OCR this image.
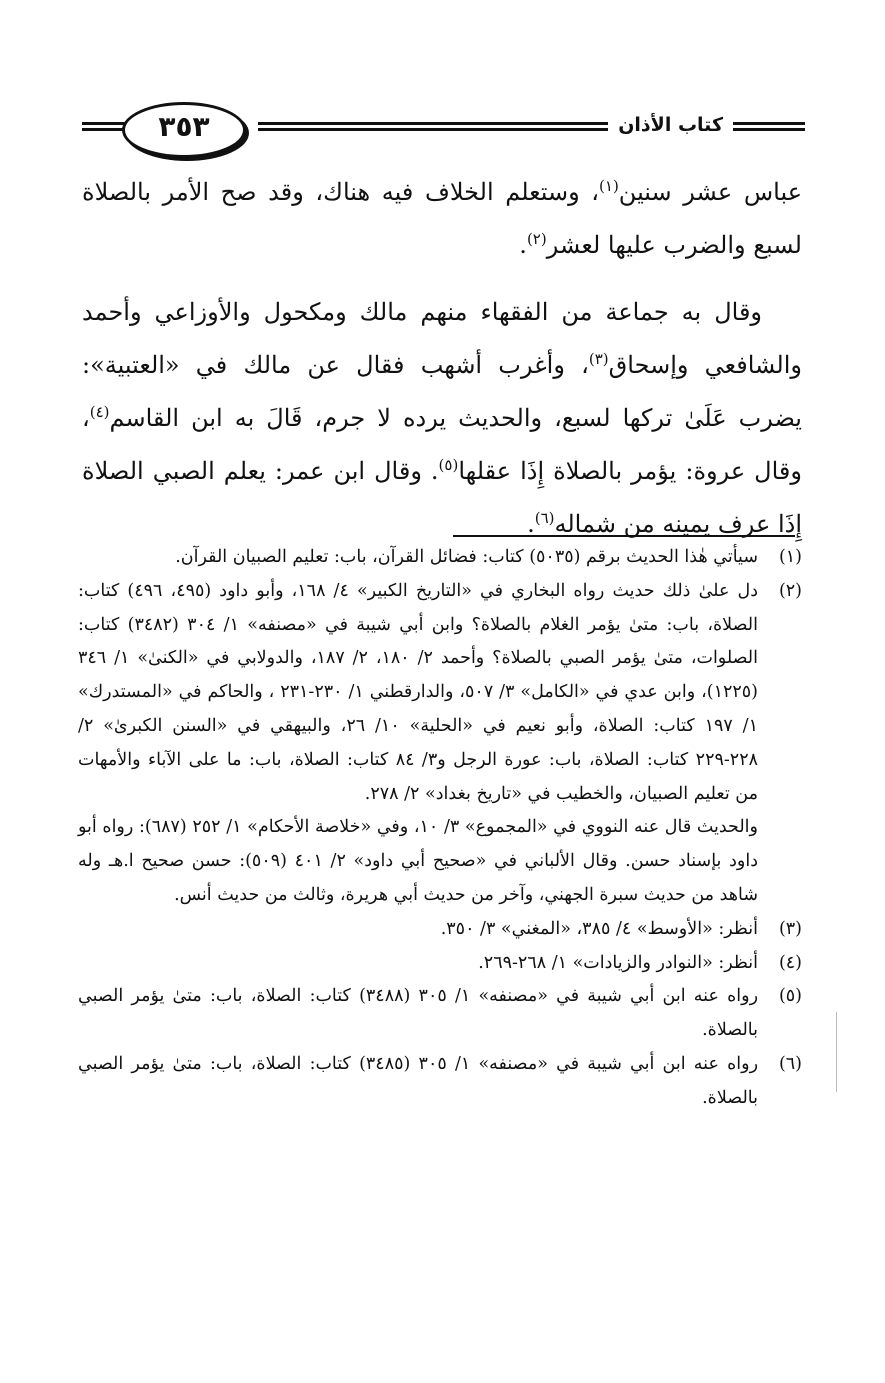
٣٥٣	كتاب الأذان

عباس عشر سنين$^{(١)}$، وستعلم الخلاف فيه هناك، وقد صح الأمر بالصلاة لسبع والضرب عليها لعشر$^{(٢)}$.

وقال به جماعة من الفقهاء منهم مالك ومكحول والأوزاعي وأحمد والشافعي وإسحاق$^{(٣)}$، وأغرب أشهب فقال عن مالك في «العتبية»: يضرب عَلَىٰ تركها لسبع، والحديث يرده لا جرم، قَالَ به ابن القاسم$^{(٤)}$، وقال عروة: يؤمر بالصلاة إِذَا عقلها$^{(٥)}$. وقال ابن عمر: يعلم الصبي الصلاة إِذَا عرف يمينه من شماله$^{(٦)}$.

(١)

سيأتي هٰذا الحديث برقم (٥٠٣٥) كتاب: فضائل القرآن، باب: تعليم الصبيان القرآن.

(٢)

دل علىٰ ذلك حديث رواه البخاري في «التاريخ الكبير» ٤/ ١٦٨، وأبو داود (٤٩٥، ٤٩٦) كتاب: الصلاة، باب: متىٰ يؤمر الغلام بالصلاة؟ وابن أبي شيبة في «مصنفه» ١/ ٣٠٤ (٣٤٨٢) كتاب: الصلوات، متىٰ يؤمر الصبي بالصلاة؟ وأحمد ٢/ ١٨٠، ٢/ ١٨٧، والدولابي في «الكنىٰ» ١/ ٣٤٦ (١٢٢٥)، وابن عدي في «الكامل» ٣/ ٥٠٧، والدارقطني ١/ ٢٣٠-٢٣١ ، والحاكم في «المستدرك» ١/ ١٩٧ كتاب: الصلاة، وأبو نعيم في «الحلية» ١٠/ ٢٦، والبيهقي في «السنن الكبرىٰ» ٢/ ٢٢٨-٢٢٩ كتاب: الصلاة، باب: عورة الرجل و٣/ ٨٤ كتاب: الصلاة، باب: ما على الآباء والأمهات من تعليم الصبيان، والخطيب في «تاريخ بغداد» ٢/ ٢٧٨.

والحديث قال عنه النووي في «المجموع» ٣/ ١٠، وفي «خلاصة الأحكام» ١/ ٢٥٢ (٦٨٧): رواه أبو داود بإسناد حسن. وقال الألباني في «صحيح أبي داود» ٢/ ٤٠١ (٥٠٩): حسن صحيح ا.هـ وله شاهد من حديث سبرة الجهني، وآخر من حديث أبي هريرة، وثالث من حديث أنس.

(٣)

أنظر: «الأوسط» ٤/ ٣٨٥، «المغني» ٣/ ٣٥٠.

(٤)

أنظر: «النوادر والزيادات» ١/ ٢٦٨-٢٦٩.

(٥)

رواه عنه ابن أبي شيبة في «مصنفه» ١/ ٣٠٥ (٣٤٨٨) كتاب: الصلاة، باب: متىٰ يؤمر الصبي بالصلاة.

(٦)

رواه عنه ابن أبي شيبة في «مصنفه» ١/ ٣٠٥ (٣٤٨٥) كتاب: الصلاة، باب: متىٰ يؤمر الصبي بالصلاة.
